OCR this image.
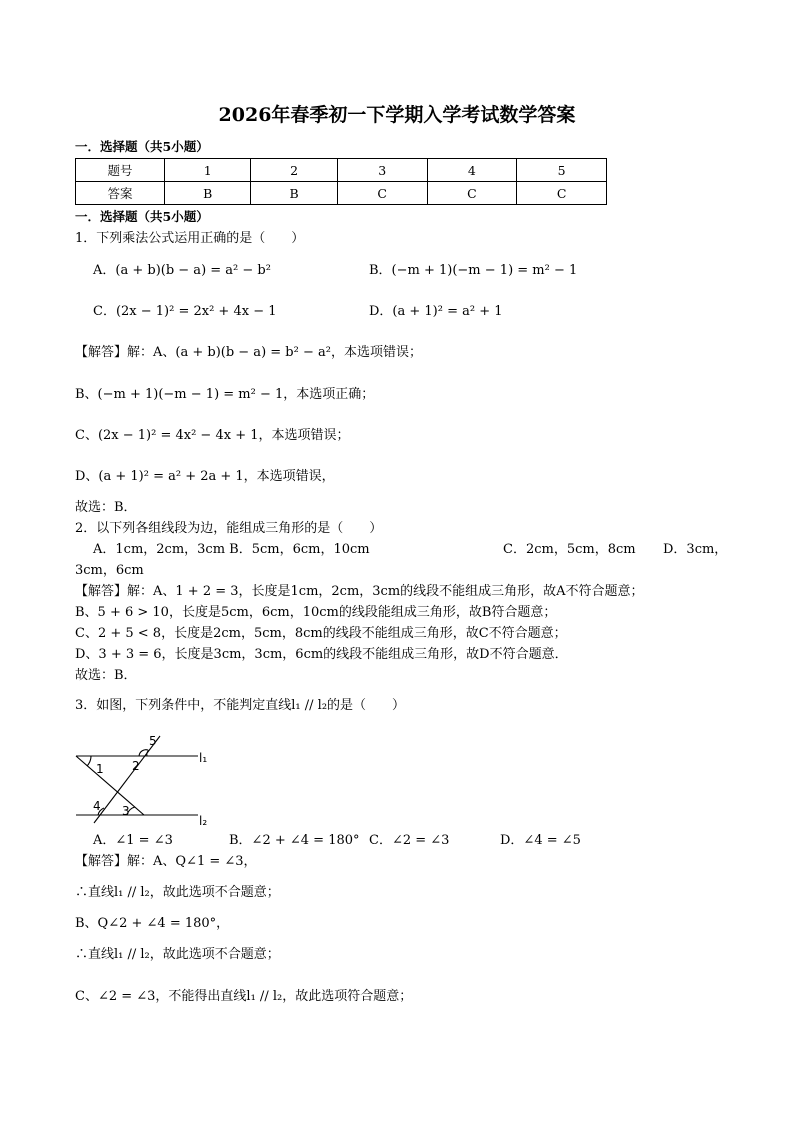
2026年春季初一下学期入学考试数学答案
一．选择题（共5小题）
题号	1	2	3	4	5
答案	B	B	C	C	C
一．选择题（共5小题）
1．下列乘法公式运用正确的是（　　）
A．(a + b)(b − a) = a² − b²	B．(−m + 1)(−m − 1) = m² − 1
C．(2x − 1)² = 2x² + 4x − 1	D．(a + 1)² = a² + 1
【解答】解：A、(a + b)(b − a) = b² − a²，本选项错误；
B、(−m + 1)(−m − 1) = m² − 1，本选项正确；
C、(2x − 1)² = 4x² − 4x + 1，本选项错误；
D、(a + 1)² = a² + 2a + 1，本选项错误，
故选：B．
2．以下列各组线段为边，能组成三角形的是（　　）
A．1cm，2cm，3cm B．5cm，6cm，10cm	C．2cm，5cm，8cm D．3cm，
3cm，6cm
【解答】解：A、1 + 2 = 3，长度是1cm，2cm，3cm的线段不能组成三角形，故A不符合题意；
B、5 + 6 > 10，长度是5cm，6cm，10cm的线段能组成三角形，故B符合题意；
C、2 + 5 < 8，长度是2cm，5cm，8cm的线段不能组成三角形，故C不符合题意；
D、3 + 3 = 6，长度是3cm，3cm，6cm的线段不能组成三角形，故D不符合题意．
故选：B．
3．如图，下列条件中，不能判定直线l₁ // l₂的是（　　）
1 2
3
4
5
l₁
l₂
A．∠1 = ∠3	B．∠2 + ∠4 = 180° C．∠2 = ∠3	D．∠4 = ∠5
【解答】解：A、Q∠1 = ∠3，
∴直线l₁ // l₂，故此选项不合题意；
B、Q∠2 + ∠4 = 180°，
∴直线l₁ // l₂，故此选项不合题意；
C、∠2 = ∠3，不能得出直线l₁ // l₂，故此选项符合题意；
